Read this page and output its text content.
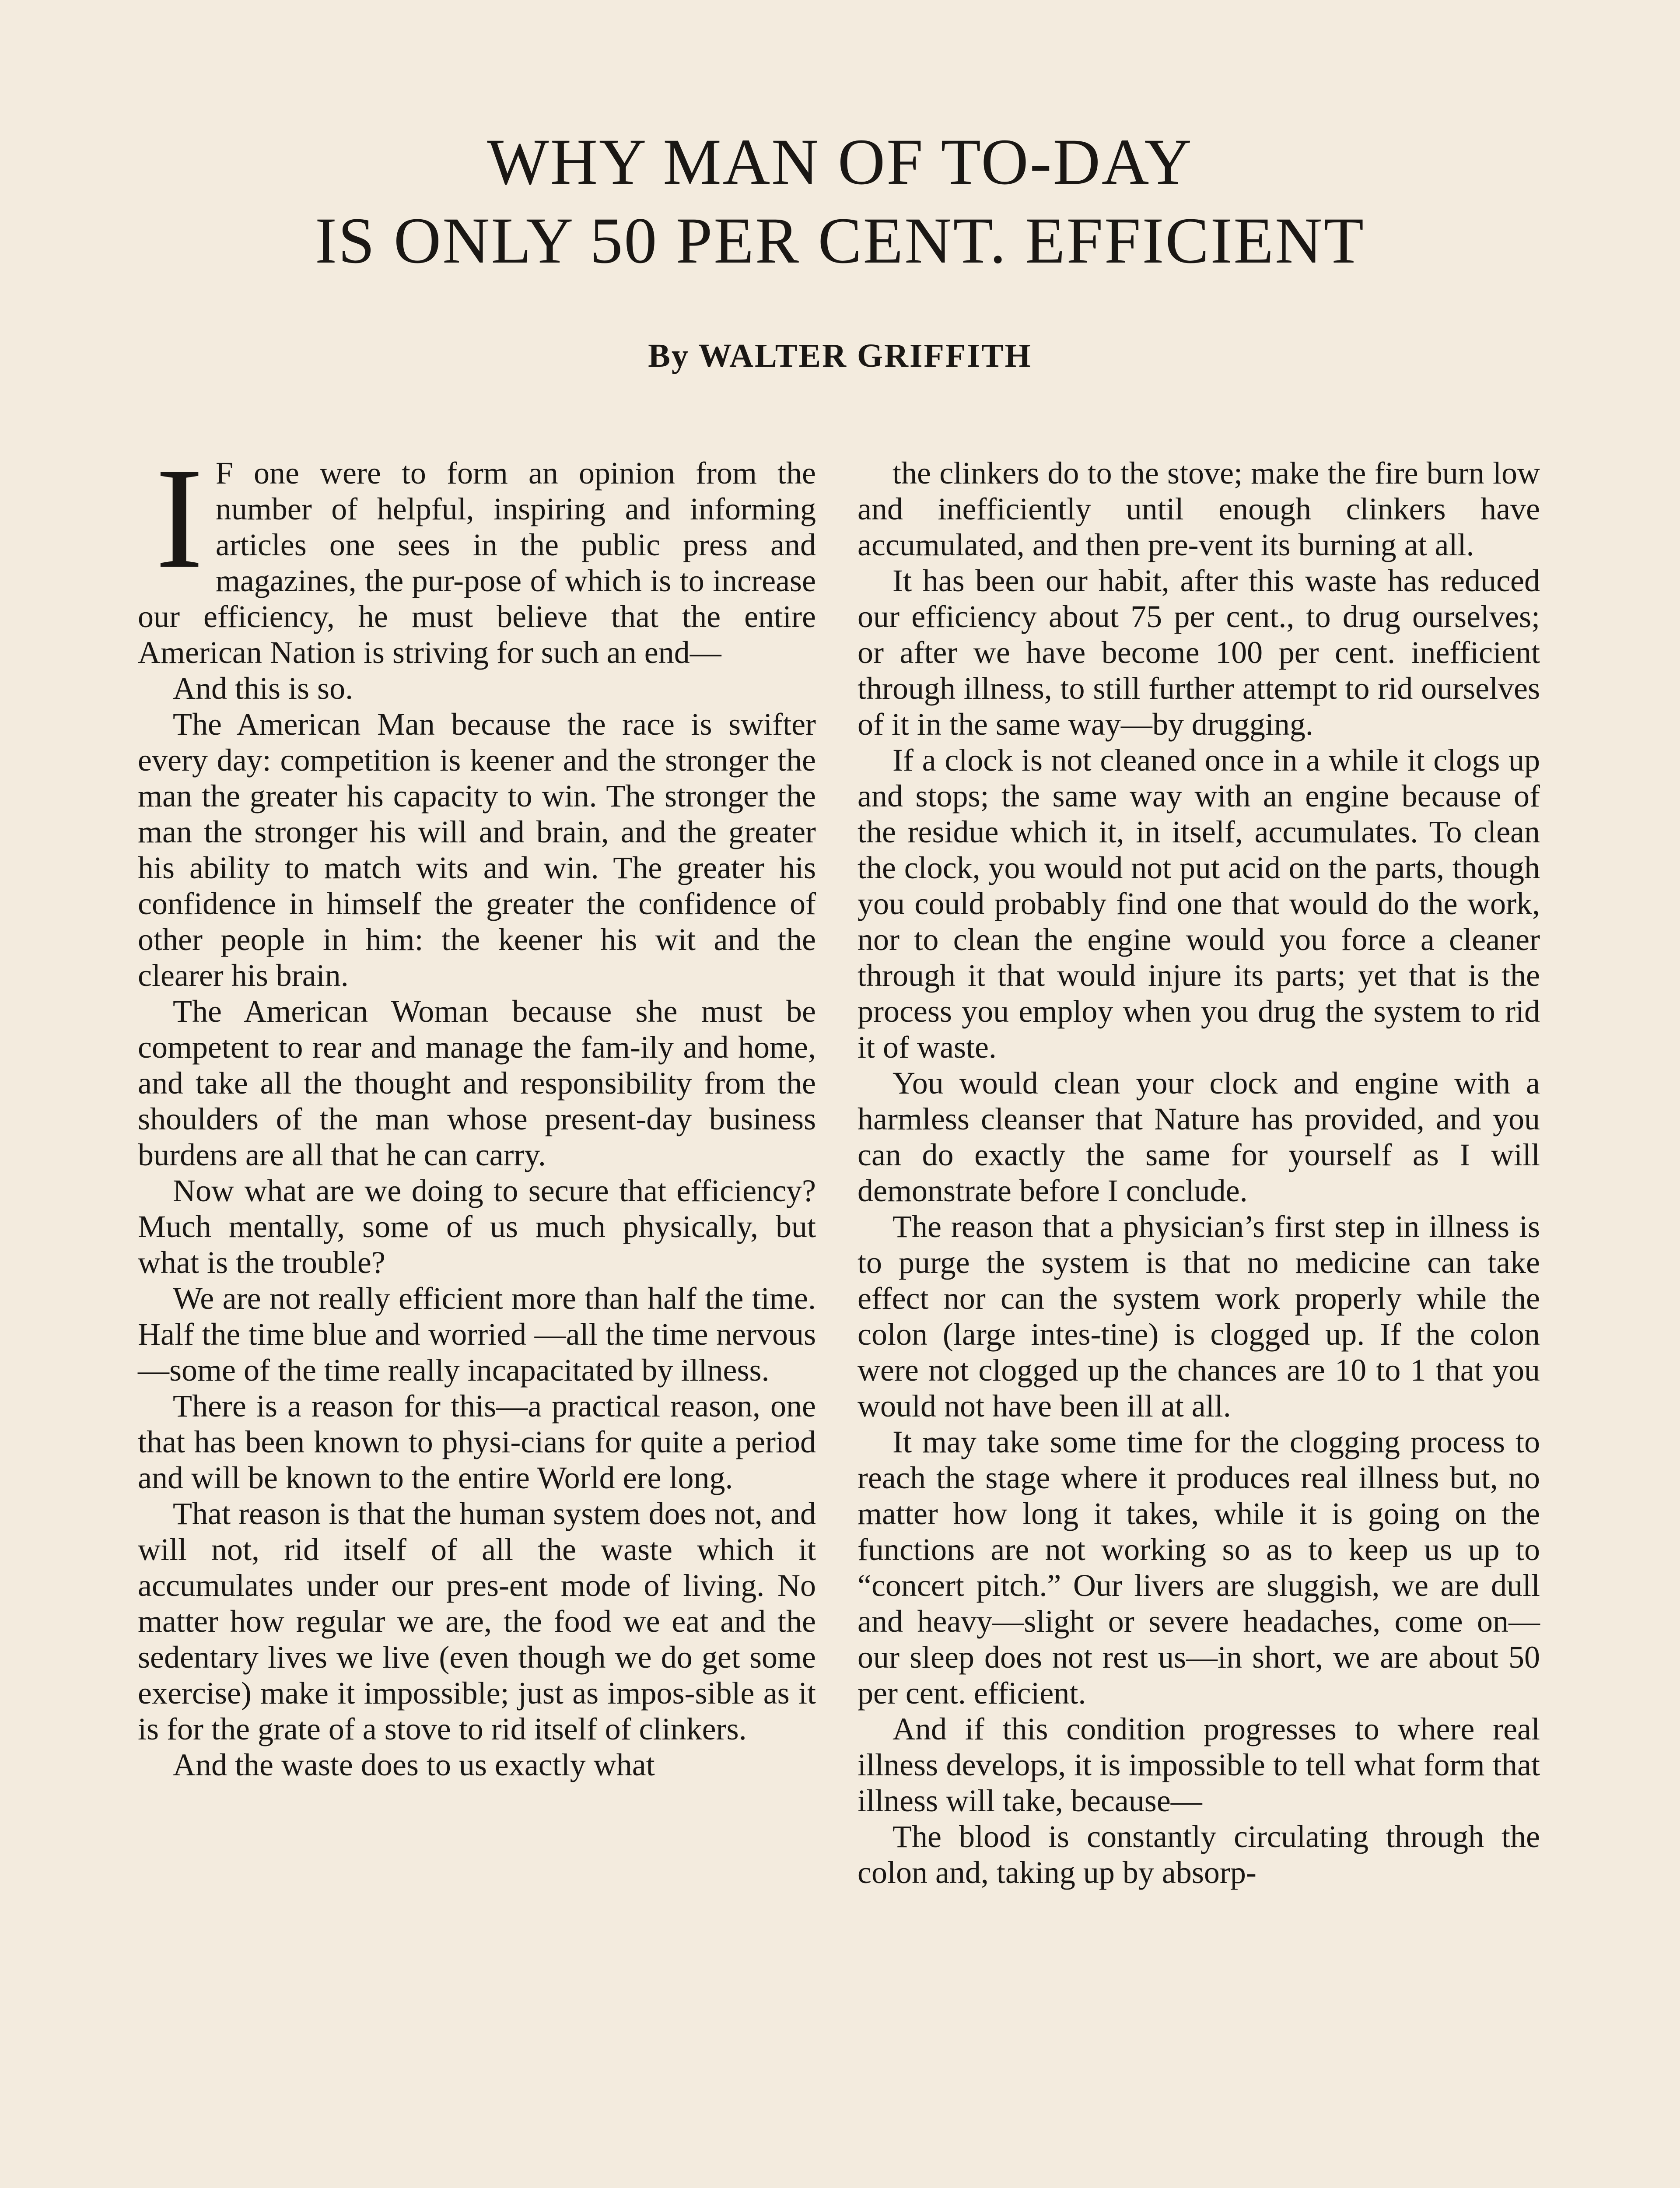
WHY MAN OF TO-DAY
IS ONLY 50 PER CENT. EFFICIENT
By WALTER GRIFFITH

I F one were to form an opinion from the number of helpful, inspiring and informing articles one sees in the public press and magazines, the pur-pose of which is to increase our efficiency, he must believe that the entire American Nation is striving for such an end—

And this is so.

The American Man because the race is swifter every day: competition is keener and the stronger the man the greater his capacity to win. The stronger the man the stronger his will and brain, and the greater his ability to match wits and win. The greater his confidence in himself the greater the confidence of other people in him: the keener his wit and the clearer his brain.

The American Woman because she must be competent to rear and manage the fam-ily and home, and take all the thought and responsibility from the shoulders of the man whose present-day business burdens are all that he can carry.

Now what are we doing to secure that efficiency? Much mentally, some of us much physically, but what is the trouble?

We are not really efficient more than half the time. Half the time blue and worried —all the time nervous—some of the time really incapacitated by illness.

There is a reason for this—a practical reason, one that has been known to physi-cians for quite a period and will be known to the entire World ere long.

That reason is that the human system does not, and will not, rid itself of all the waste which it accumulates under our pres-ent mode of living. No matter how regular we are, the food we eat and the sedentary lives we live (even though we do get some exercise) make it impossible; just as impos-sible as it is for the grate of a stove to rid itself of clinkers.

And the waste does to us exactly what

the clinkers do to the stove; make the fire burn low and inefficiently until enough clinkers have accumulated, and then pre-vent its burning at all.

It has been our habit, after this waste has reduced our efficiency about 75 per cent., to drug ourselves; or after we have become 100 per cent. inefficient through illness, to still further attempt to rid ourselves of it in the same way—by drugging.

If a clock is not cleaned once in a while it clogs up and stops; the same way with an engine because of the residue which it, in itself, accumulates. To clean the clock, you would not put acid on the parts, though you could probably find one that would do the work, nor to clean the engine would you force a cleaner through it that would injure its parts; yet that is the process you employ when you drug the system to rid it of waste.

You would clean your clock and engine with a harmless cleanser that Nature has provided, and you can do exactly the same for yourself as I will demonstrate before I conclude.

The reason that a physician’s first step in illness is to purge the system is that no medicine can take effect nor can the system work properly while the colon (large intes-tine) is clogged up. If the colon were not clogged up the chances are 10 to 1 that you would not have been ill at all.

It may take some time for the clogging process to reach the stage where it produces real illness but, no matter how long it takes, while it is going on the functions are not working so as to keep us up to “concert pitch.” Our livers are sluggish, we are dull and heavy—slight or severe headaches, come on—our sleep does not rest us—in short, we are about 50 per cent. efficient.

And if this condition progresses to where real illness develops, it is impossible to tell what form that illness will take, because—

The blood is constantly circulating through the colon and, taking up by absorp-
